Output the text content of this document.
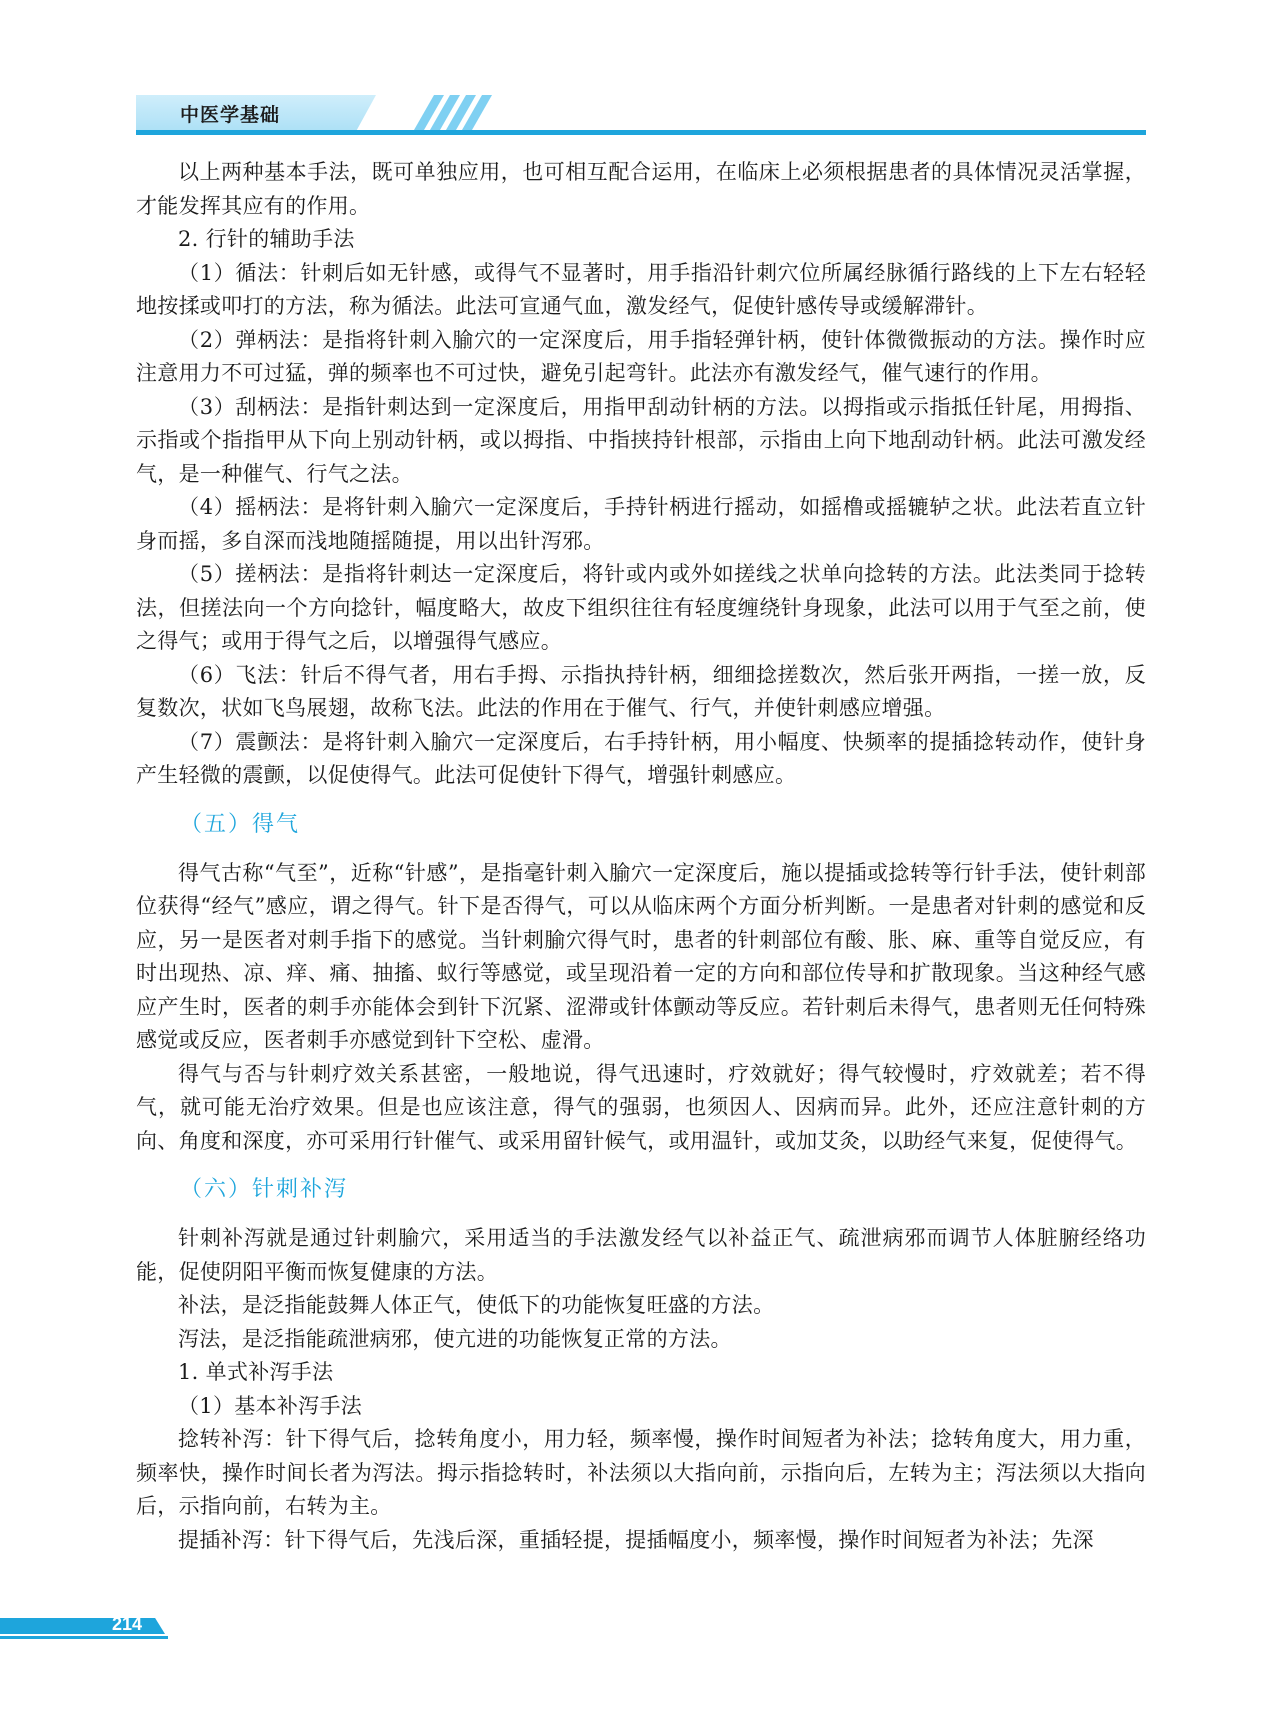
中医学基础

以上两种基本手法，既可单独应用，也可相互配合运用，在临床上必须根据患者的具体情况灵活掌握，才能发挥其应有的作用。

2. 行针的辅助手法

（1）循法：针刺后如无针感，或得气不显著时，用手指沿针刺穴位所属经脉循行路线的上下左右轻轻地按揉或叩打的方法，称为循法。此法可宣通气血，激发经气，促使针感传导或缓解滞针。

（2）弹柄法：是指将针刺入腧穴的一定深度后，用手指轻弹针柄，使针体微微振动的方法。操作时应注意用力不可过猛，弹的频率也不可过快，避免引起弯针。此法亦有激发经气，催气速行的作用。

（3）刮柄法：是指针刺达到一定深度后，用指甲刮动针柄的方法。以拇指或示指抵任针尾，用拇指、示指或个指指甲从下向上别动针柄，或以拇指、中指挟持针根部，示指由上向下地刮动针柄。此法可激发经气，是一种催气、行气之法。

（4）摇柄法：是将针刺入腧穴一定深度后，手持针柄进行摇动，如摇橹或摇辘轳之状。此法若直立针身而摇，多自深而浅地随摇随提，用以出针泻邪。

（5）搓柄法：是指将针刺达一定深度后，将针或内或外如搓线之状单向捻转的方法。此法类同于捻转法，但搓法向一个方向捻针，幅度略大，故皮下组织往往有轻度缠绕针身现象，此法可以用于气至之前，使之得气；或用于得气之后，以增强得气感应。

（6）飞法：针后不得气者，用右手拇、示指执持针柄，细细捻搓数次，然后张开两指，一搓一放，反复数次，状如飞鸟展翅，故称飞法。此法的作用在于催气、行气，并使针刺感应增强。

（7）震颤法：是将针刺入腧穴一定深度后，右手持针柄，用小幅度、快频率的提插捻转动作，使针身产生轻微的震颤，以促使得气。此法可促使针下得气，增强针刺感应。

（五）得气

得气古称“气至”，近称“针感”，是指毫针刺入腧穴一定深度后，施以提插或捻转等行针手法，使针刺部位获得“经气”感应，谓之得气。针下是否得气，可以从临床两个方面分析判断。一是患者对针刺的感觉和反应，另一是医者对刺手指下的感觉。当针刺腧穴得气时，患者的针刺部位有酸、胀、麻、重等自觉反应，有时出现热、凉、痒、痛、抽搐、蚁行等感觉，或呈现沿着一定的方向和部位传导和扩散现象。当这种经气感应产生时，医者的刺手亦能体会到针下沉紧、涩滞或针体颤动等反应。若针刺后未得气，患者则无任何特殊感觉或反应，医者刺手亦感觉到针下空松、虚滑。

得气与否与针刺疗效关系甚密，一般地说，得气迅速时，疗效就好；得气较慢时，疗效就差；若不得气，就可能无治疗效果。但是也应该注意，得气的强弱，也须因人、因病而异。此外，还应注意针刺的方向、角度和深度，亦可采用行针催气、或采用留针候气，或用温针，或加艾灸，以助经气来复，促使得气。

（六）针刺补泻

针刺补泻就是通过针刺腧穴，采用适当的手法激发经气以补益正气、疏泄病邪而调节人体脏腑经络功能，促使阴阳平衡而恢复健康的方法。

补法，是泛指能鼓舞人体正气，使低下的功能恢复旺盛的方法。

泻法，是泛指能疏泄病邪，使亢进的功能恢复正常的方法。

1. 单式补泻手法

（1）基本补泻手法

捻转补泻：针下得气后，捻转角度小，用力轻，频率慢，操作时间短者为补法；捻转角度大，用力重，频率快，操作时间长者为泻法。拇示指捻转时，补法须以大指向前，示指向后，左转为主；泻法须以大指向后，示指向前，右转为主。

提插补泻：针下得气后，先浅后深，重插轻提，提插幅度小，频率慢，操作时间短者为补法；先深

214
